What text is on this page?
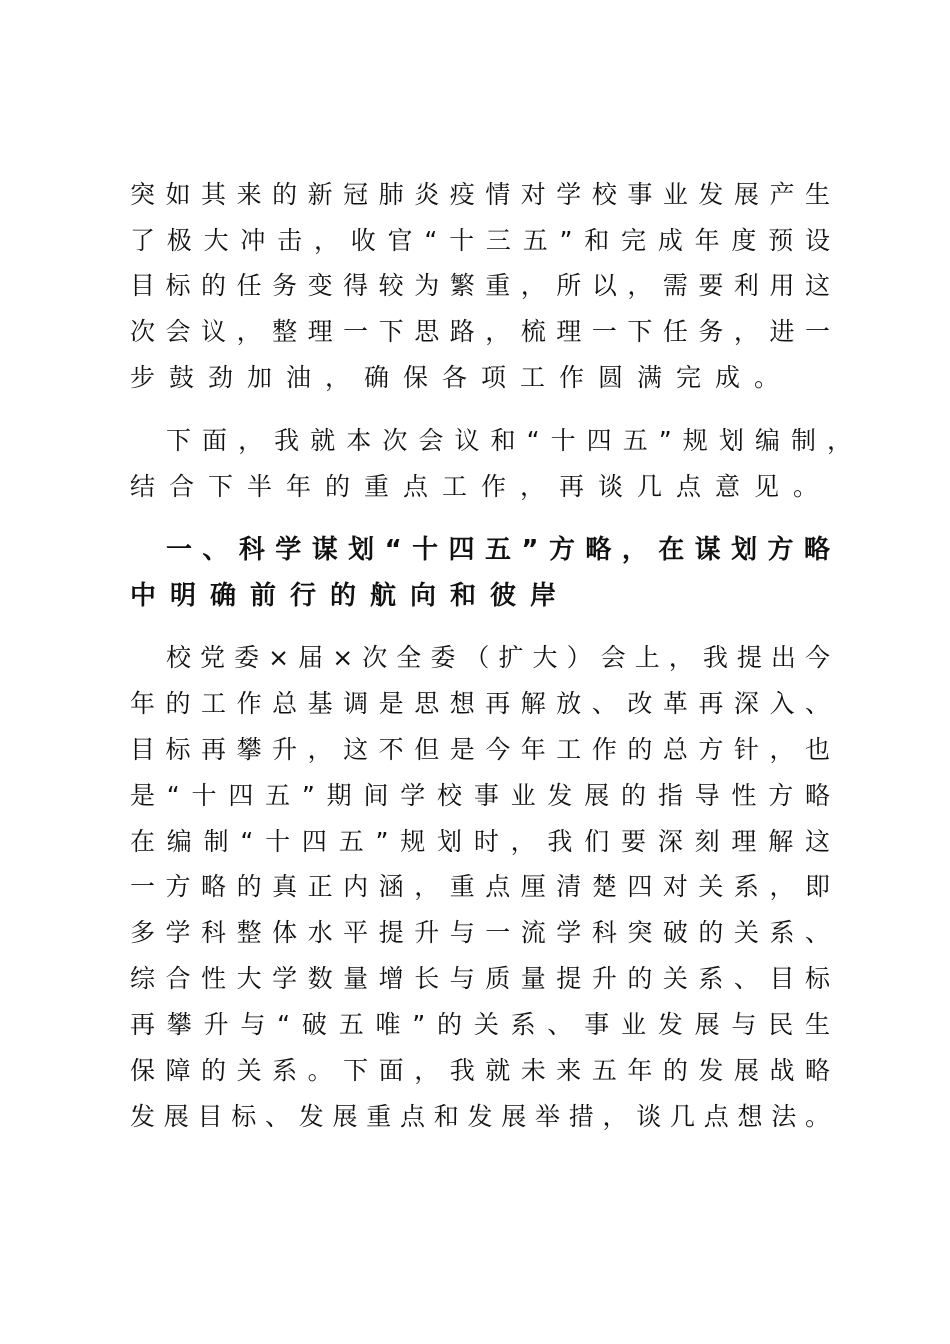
突如其来的新冠肺炎疫情对学校事业发展产生
了极大冲击，收官“十三五”和完成年度预设
目标的任务变得较为繁重，所以，需要利用这
次会议，整理一下思路，梳理一下任务，进一
步鼓劲加油，确保各项工作圆满完成。
下面，我就本次会议和“十四五”规划编制，
结合下半年的重点工作，再谈几点意见。
一、科学谋划“十四五”方略，在谋划方略
中明确前行的航向和彼岸
校党委×届×次全委（扩大）会上，我提出今
年的工作总基调是思想再解放、改革再深入、
目标再攀升，这不但是今年工作的总方针，也
是“十四五”期间学校事业发展的指导性方略
在编制“十四五”规划时，我们要深刻理解这
一方略的真正内涵，重点厘清楚四对关系，即
多学科整体水平提升与一流学科突破的关系、
综合性大学数量增长与质量提升的关系、目标
再攀升与“破五唯”的关系、事业发展与民生
保障的关系。下面，我就未来五年的发展战略
发展目标、发展重点和发展举措，谈几点想法。
